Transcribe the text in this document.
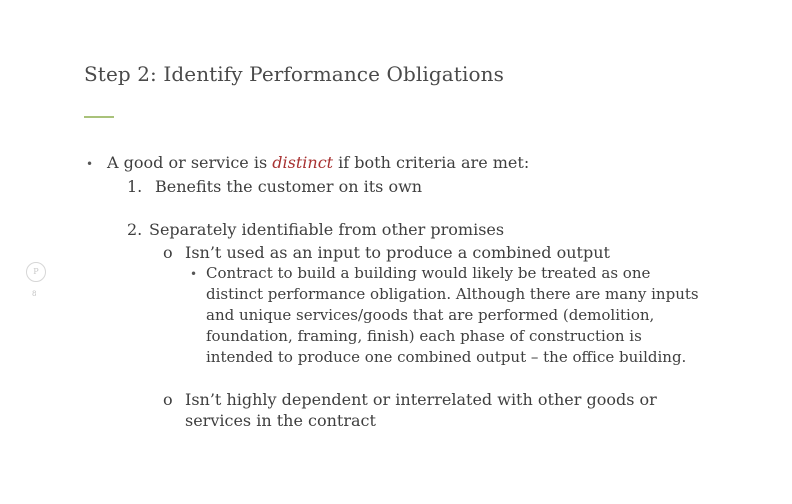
Step 2: Identify Performance Obligations
• A good or service is distinct if both criteria are met:
1. Benefits the customer on its own
2. Separately identifiable from other promises
o Isn’t used as an input to produce a combined output
• Contract to build a building would likely be treated as one
distinct performance obligation. Although there are many inputs
and unique services/goods that are performed (demolition,
foundation, framing, finish) each phase of construction is
intended to produce one combined output – the office building.
o Isn’t highly dependent or interrelated with other goods or
services in the contract
P
8
